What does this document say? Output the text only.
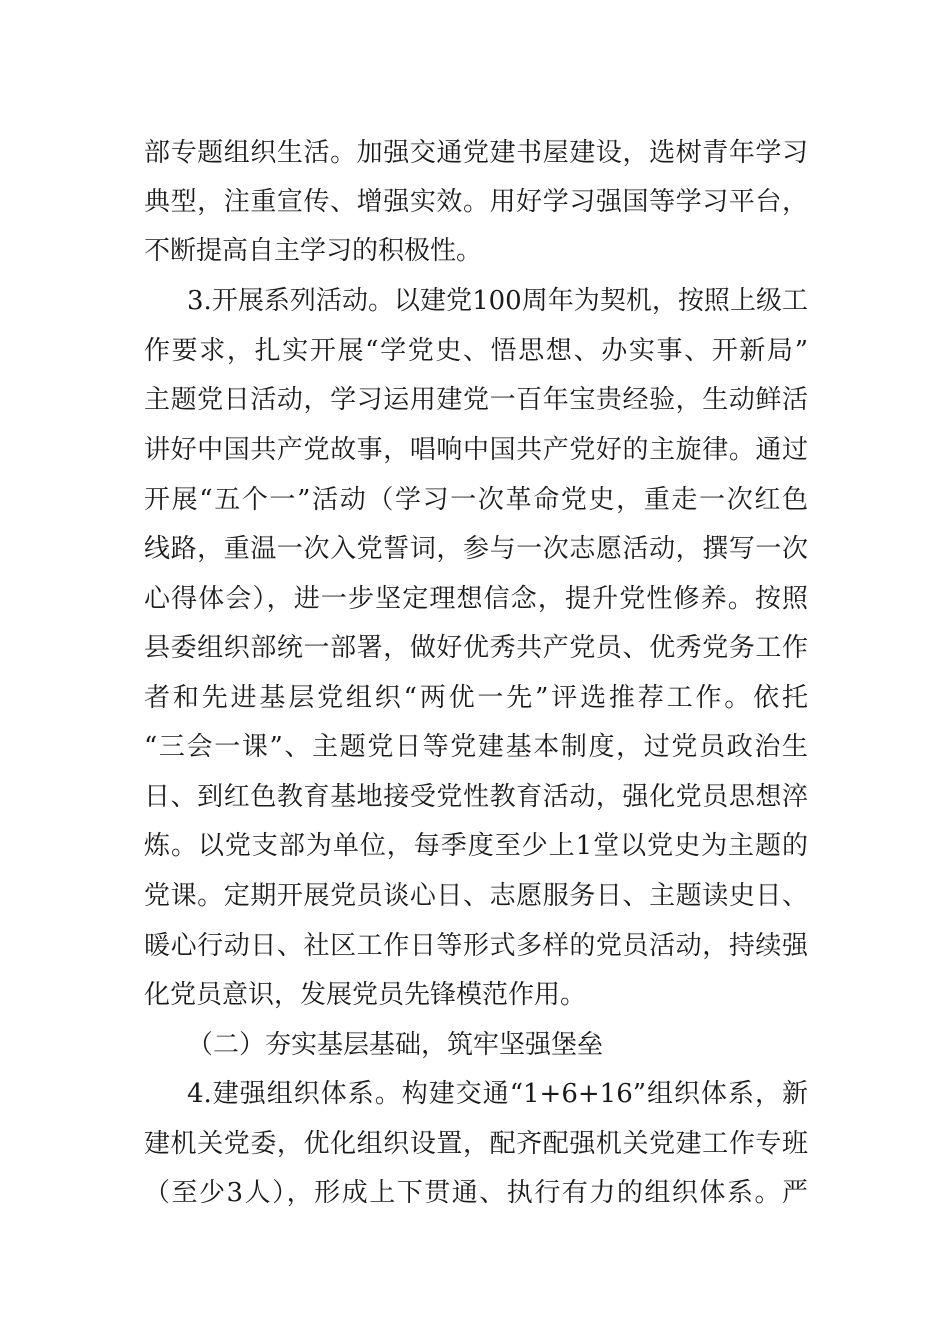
部专题组织生活。加强交通党建书屋建设，选树青年学习
典型，注重宣传、增强实效。用好学习强国等学习平台，
不断提高自主学习的积极性。
3.开展系列活动。以建党100周年为契机，按照上级工
作要求，扎实开展“学党史、悟思想、办实事、开新局”
主题党日活动，学习运用建党一百年宝贵经验，生动鲜活
讲好中国共产党故事，唱响中国共产党好的主旋律。通过
开展“五个一”活动（学习一次革命党史，重走一次红色
线路，重温一次入党誓词，参与一次志愿活动，撰写一次
心得体会），进一步坚定理想信念，提升党性修养。按照
县委组织部统一部署，做好优秀共产党员、优秀党务工作
者和先进基层党组织“两优一先”评选推荐工作。依托
“三会一课”、主题党日等党建基本制度，过党员政治生
日、到红色教育基地接受党性教育活动，强化党员思想淬
炼。以党支部为单位，每季度至少上1堂以党史为主题的
党课。定期开展党员谈心日、志愿服务日、主题读史日、
暖心行动日、社区工作日等形式多样的党员活动，持续强
化党员意识，发展党员先锋模范作用。
（二）夯实基层基础，筑牢坚强堡垒
4.建强组织体系。构建交通“1+6+16”组织体系，新
建机关党委，优化组织设置，配齐配强机关党建工作专班
（至少3人），形成上下贯通、执行有力的组织体系。严
